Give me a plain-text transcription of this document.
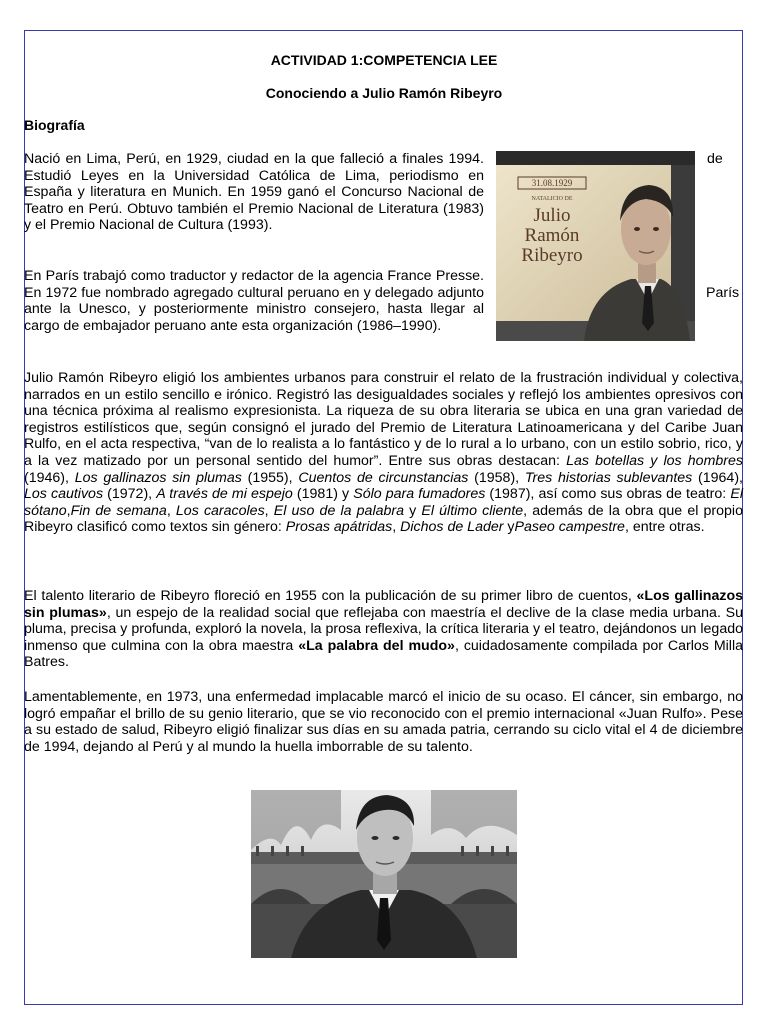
ACTIVIDAD 1:COMPETENCIA LEE
Conociendo a Julio Ramón Ribeyro
Biografía

Nació en Lima, Perú, en 1929, ciudad en la que falleció a finales 1994. Estudió Leyes en la Universidad Católica de Lima, periodismo en España y literatura en Munich. En 1959 ganó el Concurso Nacional de Teatro en Perú. Obtuvo también el Premio Nacional de Literatura (1983) y el Premio Nacional de Cultura (1993).

de

En París trabajó como traductor y redactor de la agencia France Presse. En 1972 fue nombrado agregado cultural peruano en y delegado adjunto ante la Unesco, y posteriormente ministro consejero, hasta llegar al cargo de embajador peruano ante esta organización (1986–1990).

París
31.08.1929
NATALICIO DE
Julio
Ramón
Ribeyro

Julio Ramón Ribeyro eligió los ambientes urbanos para construir el relato de la frustración individual y colectiva, narrados en un estilo sencillo e irónico. Registró las desigualdades sociales y reflejó los ambientes opresivos con una técnica próxima al realismo expresionista. La riqueza de su obra literaria se ubica en una gran variedad de registros estilísticos que, según consignó el jurado del Premio de Literatura Latinoamericana y del Caribe Juan Rulfo, en el acta respectiva, “van de lo realista a lo fantástico y de lo rural a lo urbano, con un estilo sobrio, rico, y a la vez matizado por un personal sentido del humor”. Entre sus obras destacan: Las botellas y los hombres (1946), Los gallinazos sin plumas (1955), Cuentos de circunstancias (1958), Tres historias sublevantes (1964), Los cautivos (1972), A través de mi espejo (1981) y Sólo para fumadores (1987), así como sus obras de teatro: El sótano,Fin de semana, Los caracoles, El uso de la palabra y El último cliente, además de la obra que el propio Ribeyro clasificó como textos sin género: Prosas apátridas, Dichos de Lader yPaseo campestre, entre otras.

El talento literario de Ribeyro floreció en 1955 con la publicación de su primer libro de cuentos, «Los gallinazos sin plumas», un espejo de la realidad social que reflejaba con maestría el declive de la clase media urbana. Su pluma, precisa y profunda, exploró la novela, la prosa reflexiva, la crítica literaria y el teatro, dejándonos un legado inmenso que culmina con la obra maestra «La palabra del mudo», cuidadosamente compilada por Carlos Milla Batres.

Lamentablemente, en 1973, una enfermedad implacable marcó el inicio de su ocaso. El cáncer, sin embargo, no logró empañar el brillo de su genio literario, que se vio reconocido con el premio internacional «Juan Rulfo». Pese a su estado de salud, Ribeyro eligió finalizar sus días en su amada patria, cerrando su ciclo vital el 4 de diciembre de 1994, dejando al Perú y al mundo la huella imborrable de su talento.
